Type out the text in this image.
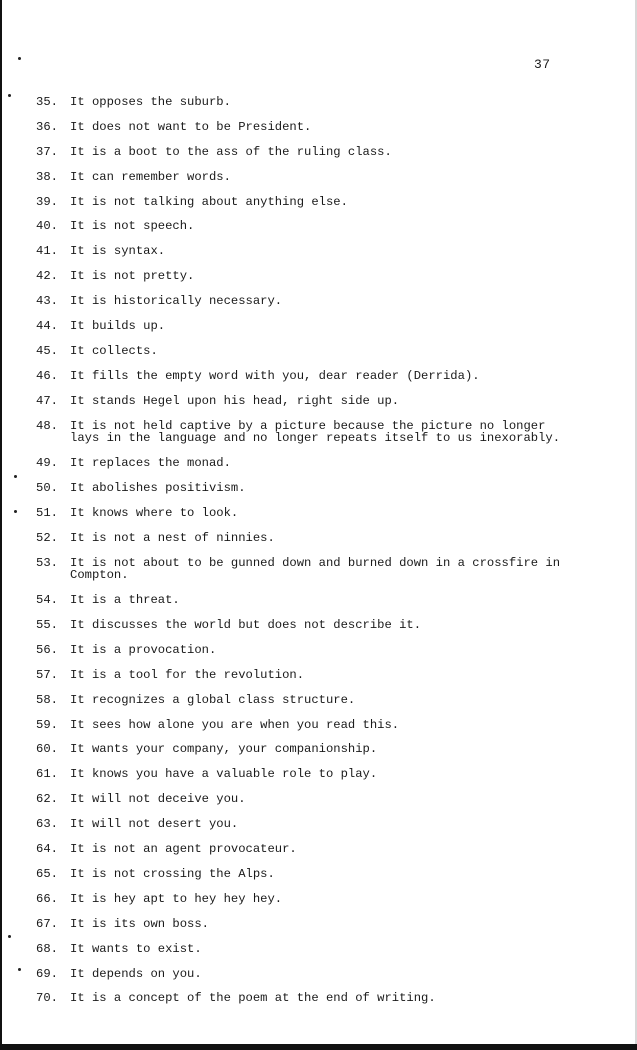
37
35. It opposes the suburb.
36. It does not want to be President.
37. It is a boot to the ass of the ruling class.
38. It can remember words.
39. It is not talking about anything else.
40. It is not speech.
41. It is syntax.
42. It is not pretty.
43. It is historically necessary.
44. It builds up.
45. It collects.
46. It fills the empty word with you, dear reader (Derrida).
47. It stands Hegel upon his head, right side up.
48. It is not held captive by a picture because the picture no longer
lays in the language and no longer repeats itself to us inexorably.
49. It replaces the monad.
50. It abolishes positivism.
51. It knows where to look.
52. It is not a nest of ninnies.
53. It is not about to be gunned down and burned down in a crossfire in
Compton.
54. It is a threat.
55. It discusses the world but does not describe it.
56. It is a provocation.
57. It is a tool for the revolution.
58. It recognizes a global class structure.
59. It sees how alone you are when you read this.
60. It wants your company, your companionship.
61. It knows you have a valuable role to play.
62. It will not deceive you.
63. It will not desert you.
64. It is not an agent provocateur.
65. It is not crossing the Alps.
66. It is hey apt to hey hey hey.
67. It is its own boss.
68. It wants to exist.
69. It depends on you.
70. It is a concept of the poem at the end of writing.
